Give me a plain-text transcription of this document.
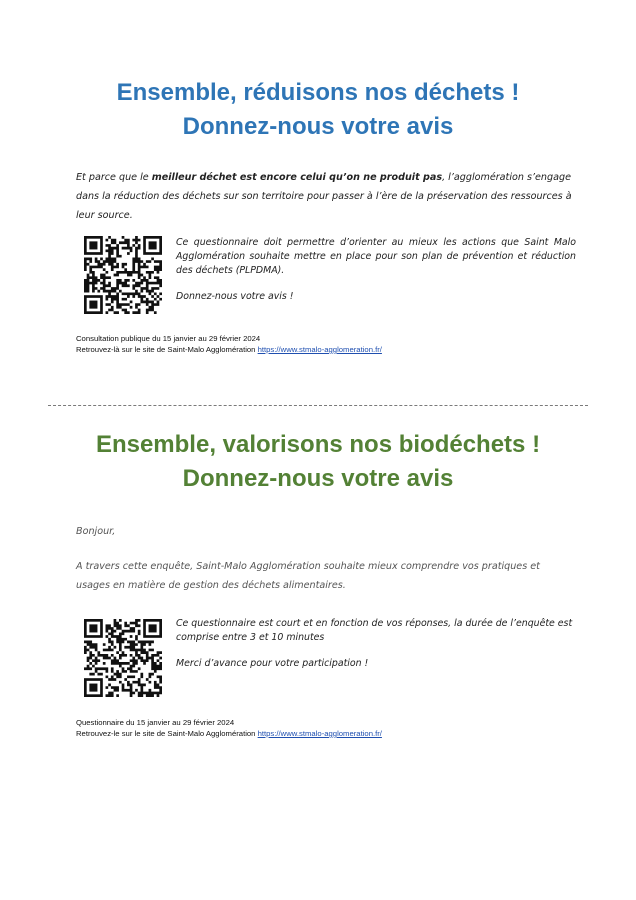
Ensemble, réduisons nos déchets !

Donnez-nous votre avis

Et parce que le meilleur déchet est encore celui qu’on ne produit pas, l’agglomération s’engage dans la réduction des déchets sur son territoire pour passer à l’ère de la préservation des ressources à leur source.

Ce questionnaire doit permettre d’orienter au mieux les actions que Saint Malo Agglomération souhaite mettre en place pour son plan de prévention et réduction des déchets (PLPDMA).

Donnez-nous votre avis !

Consultation publique du 15 janvier au 29 février 2024
Retrouvez-là sur le site de Saint-Malo Agglomération https://www.stmalo-agglomeration.fr/

Ensemble, valorisons nos biodéchets !

Donnez-nous votre avis

Bonjour,
A travers cette enquête, Saint-Malo Agglomération souhaite mieux comprendre vos pratiques et usages en matière de gestion des déchets alimentaires.

Ce questionnaire est court et en fonction de vos réponses, la durée de l’enquête est comprise entre 3 et 10 minutes

Merci d’avance pour votre participation !

Questionnaire du 15 janvier au 29 février 2024
Retrouvez-le sur le site de Saint-Malo Agglomération https://www.stmalo-agglomeration.fr/
